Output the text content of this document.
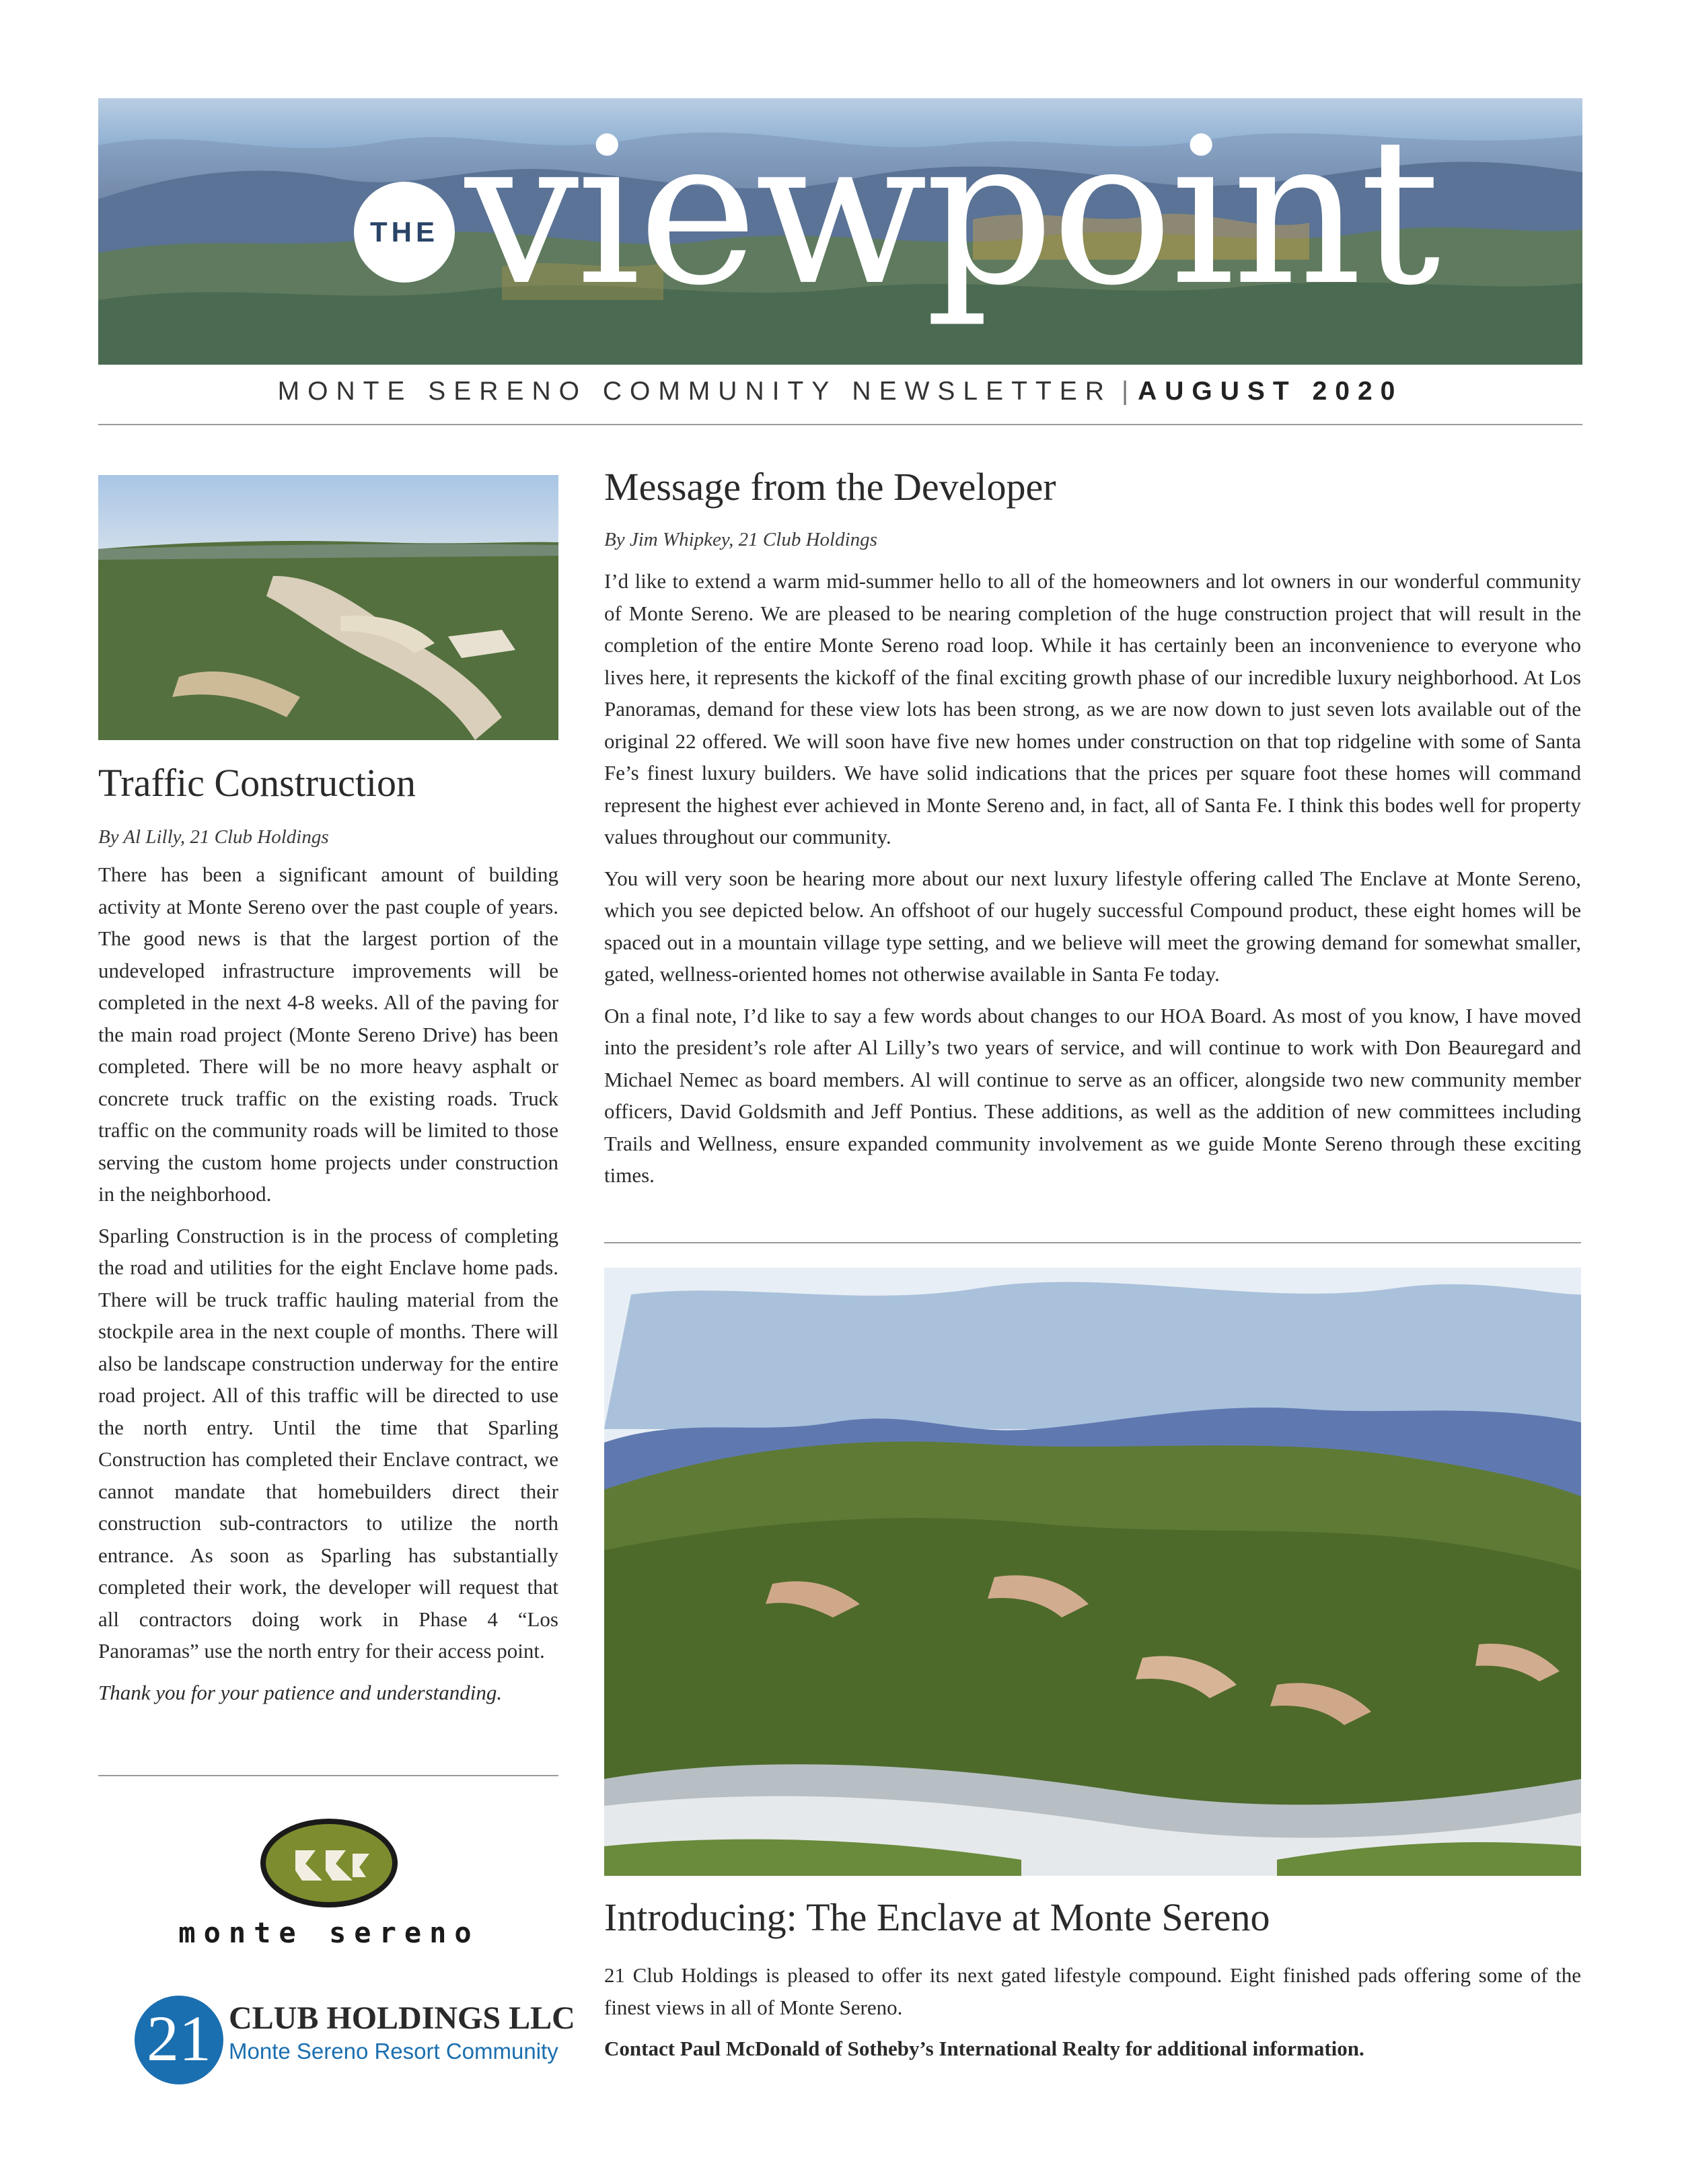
THE viewpoint
MONTE SERENO COMMUNITY NEWSLETTER | AUGUST 2020
Traffic Construction
By Al Lilly, 21 Club Holdings

There has been a significant amount of building activity at Monte Sereno over the past couple of years. The good news is that the largest portion of the undeveloped infrastructure improvements will be completed in the next 4-8 weeks. All of the paving for the main road project (Monte Sereno Drive) has been completed. There will be no more heavy asphalt or concrete truck traffic on the existing roads. Truck traffic on the community roads will be limited to those serving the custom home projects under construction in the neighborhood.

Sparling Construction is in the process of completing the road and utilities for the eight Enclave home pads. There will be truck traffic hauling material from the stockpile area in the next couple of months. There will also be landscape construction underway for the entire road project. All of this traffic will be directed to use the north entry. Until the time that Sparling Construction has completed their Enclave contract, we cannot mandate that homebuilders direct their construction sub-contractors to utilize the north entrance. As soon as Sparling has substantially completed their work, the developer will request that all contractors doing work in Phase 4 “Los Panoramas” use the north entry for their access point.

Thank you for your patience and understanding.

monte sereno
21 CLUB HOLDINGS LLC
Monte Sereno Resort Community
Message from the Developer
By Jim Whipkey, 21 Club Holdings

I’d like to extend a warm mid-summer hello to all of the homeowners and lot owners in our wonderful community of Monte Sereno. We are pleased to be nearing completion of the huge construction project that will result in the completion of the entire Monte Sereno road loop. While it has certainly been an inconvenience to everyone who lives here, it represents the kickoff of the final exciting growth phase of our incredible luxury neighborhood. At Los Panoramas, demand for these view lots has been strong, as we are now down to just seven lots available out of the original 22 offered. We will soon have five new homes under construction on that top ridgeline with some of Santa Fe’s finest luxury builders. We have solid indications that the prices per square foot these homes will command represent the highest ever achieved in Monte Sereno and, in fact, all of Santa Fe. I think this bodes well for property values throughout our community.

You will very soon be hearing more about our next luxury lifestyle offering called The Enclave at Monte Sereno, which you see depicted below. An offshoot of our hugely successful Compound product, these eight homes will be spaced out in a mountain village type setting, and we believe will meet the growing demand for somewhat smaller, gated, wellness-oriented homes not otherwise available in Santa Fe today.

On a final note, I’d like to say a few words about changes to our HOA Board. As most of you know, I have moved into the president’s role after Al Lilly’s two years of service, and will continue to work with Don Beauregard and Michael Nemec as board members. Al will continue to serve as an officer, alongside two new community member officers, David Goldsmith and Jeff Pontius. These additions, as well as the addition of new committees including Trails and Wellness, ensure expanded community involvement as we guide Monte Sereno through these exciting times.

Introducing: The Enclave at Monte Sereno

21 Club Holdings is pleased to offer its next gated lifestyle compound. Eight finished pads offering some of the finest views in all of Monte Sereno.

Contact Paul McDonald of Sotheby’s International Realty for additional information.
